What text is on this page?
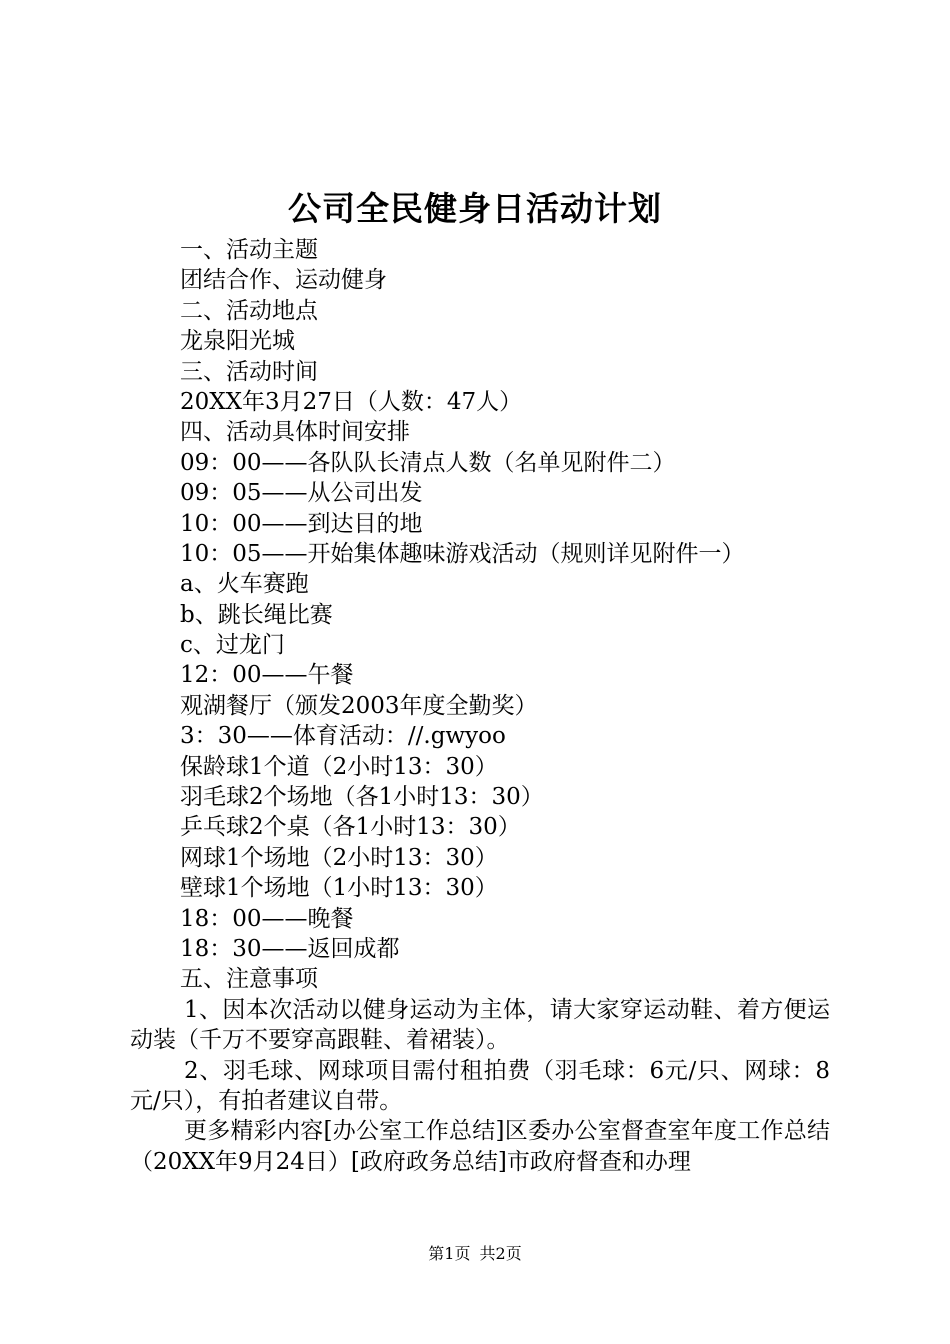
公司全民健身日活动计划
一、活动主题
团结合作、运动健身
二、活动地点
龙泉阳光城
三、活动时间
20XX年3月27日（人数：47人）
四、活动具体时间安排
09：00——各队队长清点人数（名单见附件二）
09：05——从公司出发
10：00——到达目的地
10：05——开始集体趣味游戏活动（规则详见附件一）
a、火车赛跑
b、跳长绳比赛
c、过龙门
12：00——午餐
观湖餐厅（颁发2003年度全勤奖）
3：30——体育活动：//.gwyoo
保龄球1个道（2小时13：30）
羽毛球2个场地（各1小时13：30）
乒乓球2个桌（各1小时13：30）
网球1个场地（2小时13：30）
壁球1个场地（1小时13：30）
18：00——晚餐
18：30——返回成都
五、注意事项
1、因本次活动以健身运动为主体，请大家穿运动鞋、着方便运动装（千万不要穿高跟鞋、着裙装）。
2、羽毛球、网球项目需付租拍费（羽毛球：6元/只、网球：8元/只），有拍者建议自带。
更多精彩内容[办公室工作总结]区委办公室督查室年度工作总结（20XX年9月24日）[政府政务总结]市政府督查和办理
第1页 共2页
